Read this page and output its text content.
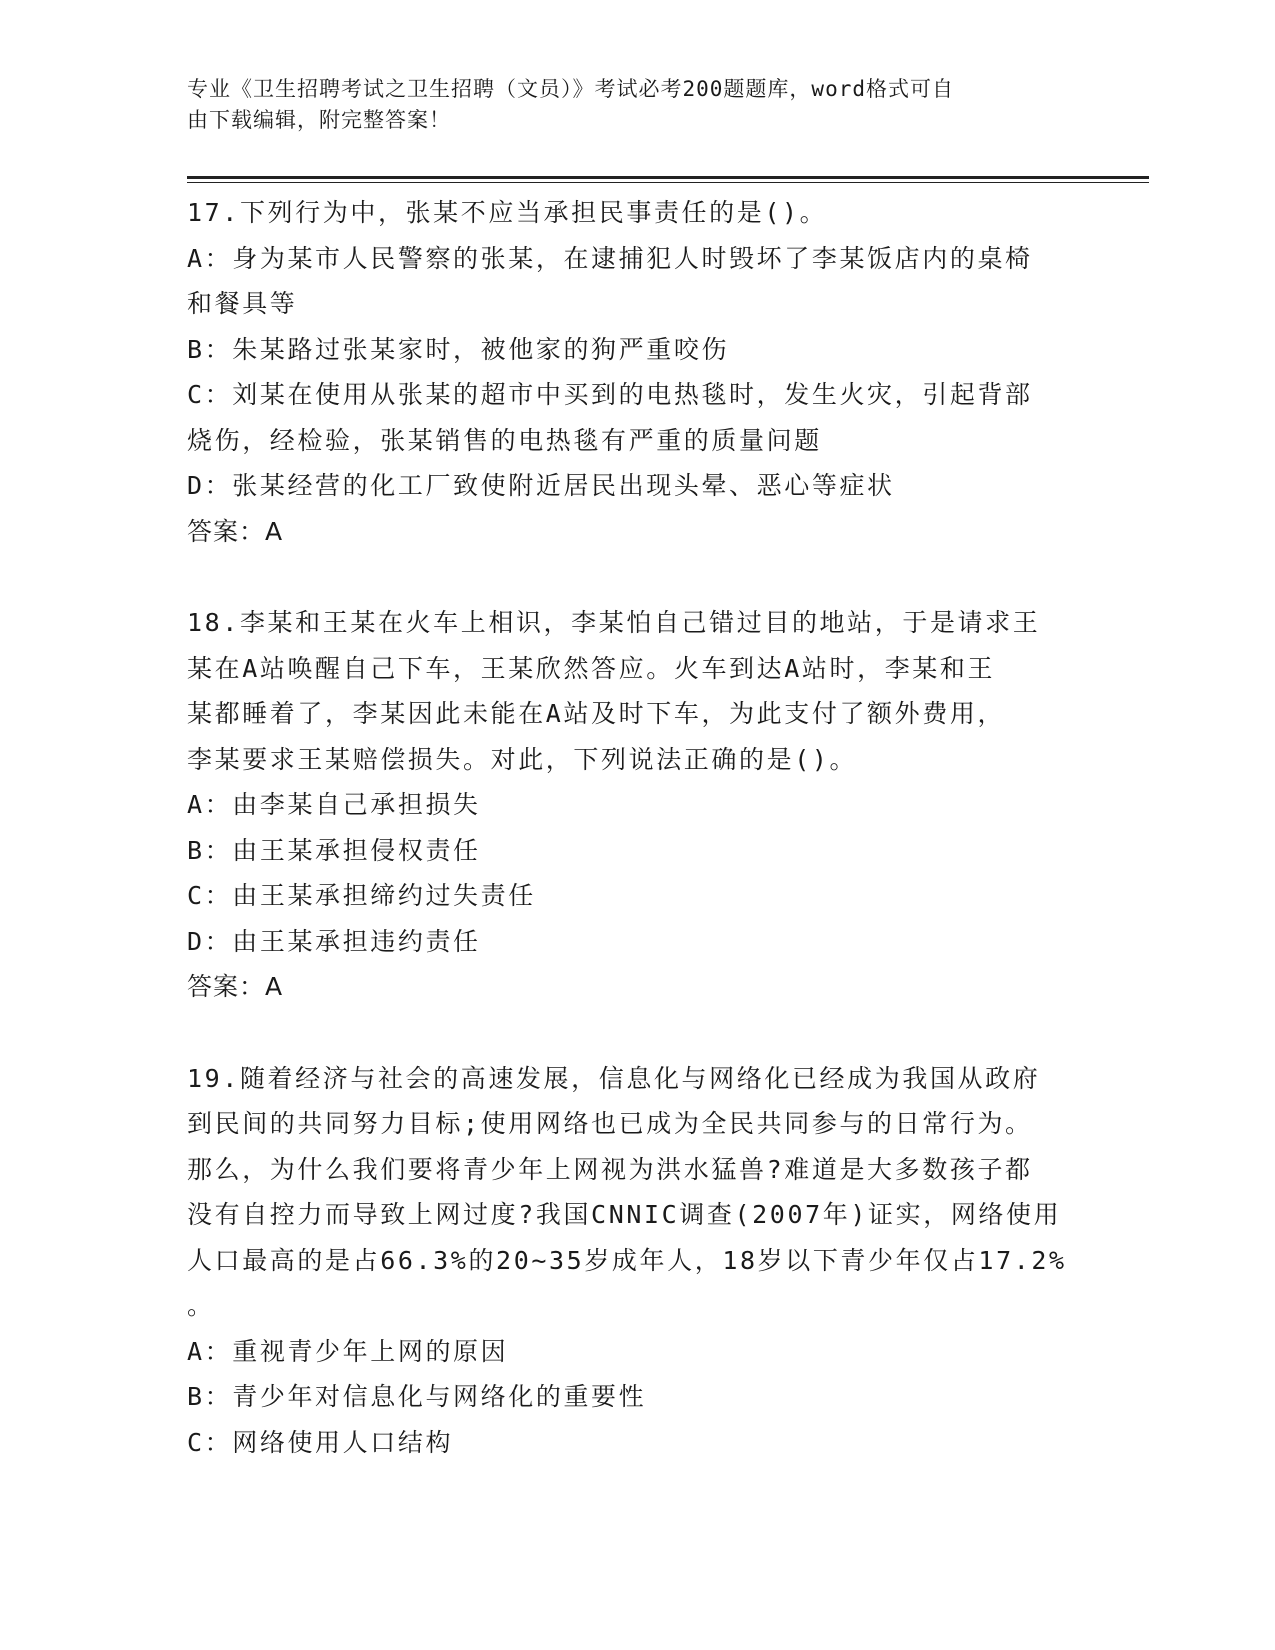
专业《卫生招聘考试之卫生招聘（文员）》考试必考200题题库，word格式可自
由下载编辑，附完整答案！
17.下列行为中，张某不应当承担民事责任的是()。
A：身为某市人民警察的张某，在逮捕犯人时毁坏了李某饭店内的桌椅
和餐具等
B：朱某路过张某家时，被他家的狗严重咬伤
C：刘某在使用从张某的超市中买到的电热毯时，发生火灾，引起背部
烧伤，经检验，张某销售的电热毯有严重的质量问题
D：张某经营的化工厂致使附近居民出现头晕、恶心等症状
答案：A
18.李某和王某在火车上相识，李某怕自己错过目的地站，于是请求王
某在A站唤醒自己下车，王某欣然答应。火车到达A站时，李某和王
某都睡着了，李某因此未能在A站及时下车，为此支付了额外费用，
李某要求王某赔偿损失。对此，下列说法正确的是()。
A：由李某自己承担损失
B：由王某承担侵权责任
C：由王某承担缔约过失责任
D：由王某承担违约责任
答案：A
19.随着经济与社会的高速发展，信息化与网络化已经成为我国从政府
到民间的共同努力目标;使用网络也已成为全民共同参与的日常行为。
那么，为什么我们要将青少年上网视为洪水猛兽?难道是大多数孩子都
没有自控力而导致上网过度?我国CNNIC调查(2007年)证实，网络使用
人口最高的是占66.3%的20~35岁成年人，18岁以下青少年仅占17.2%
。
A：重视青少年上网的原因
B：青少年对信息化与网络化的重要性
C：网络使用人口结构
